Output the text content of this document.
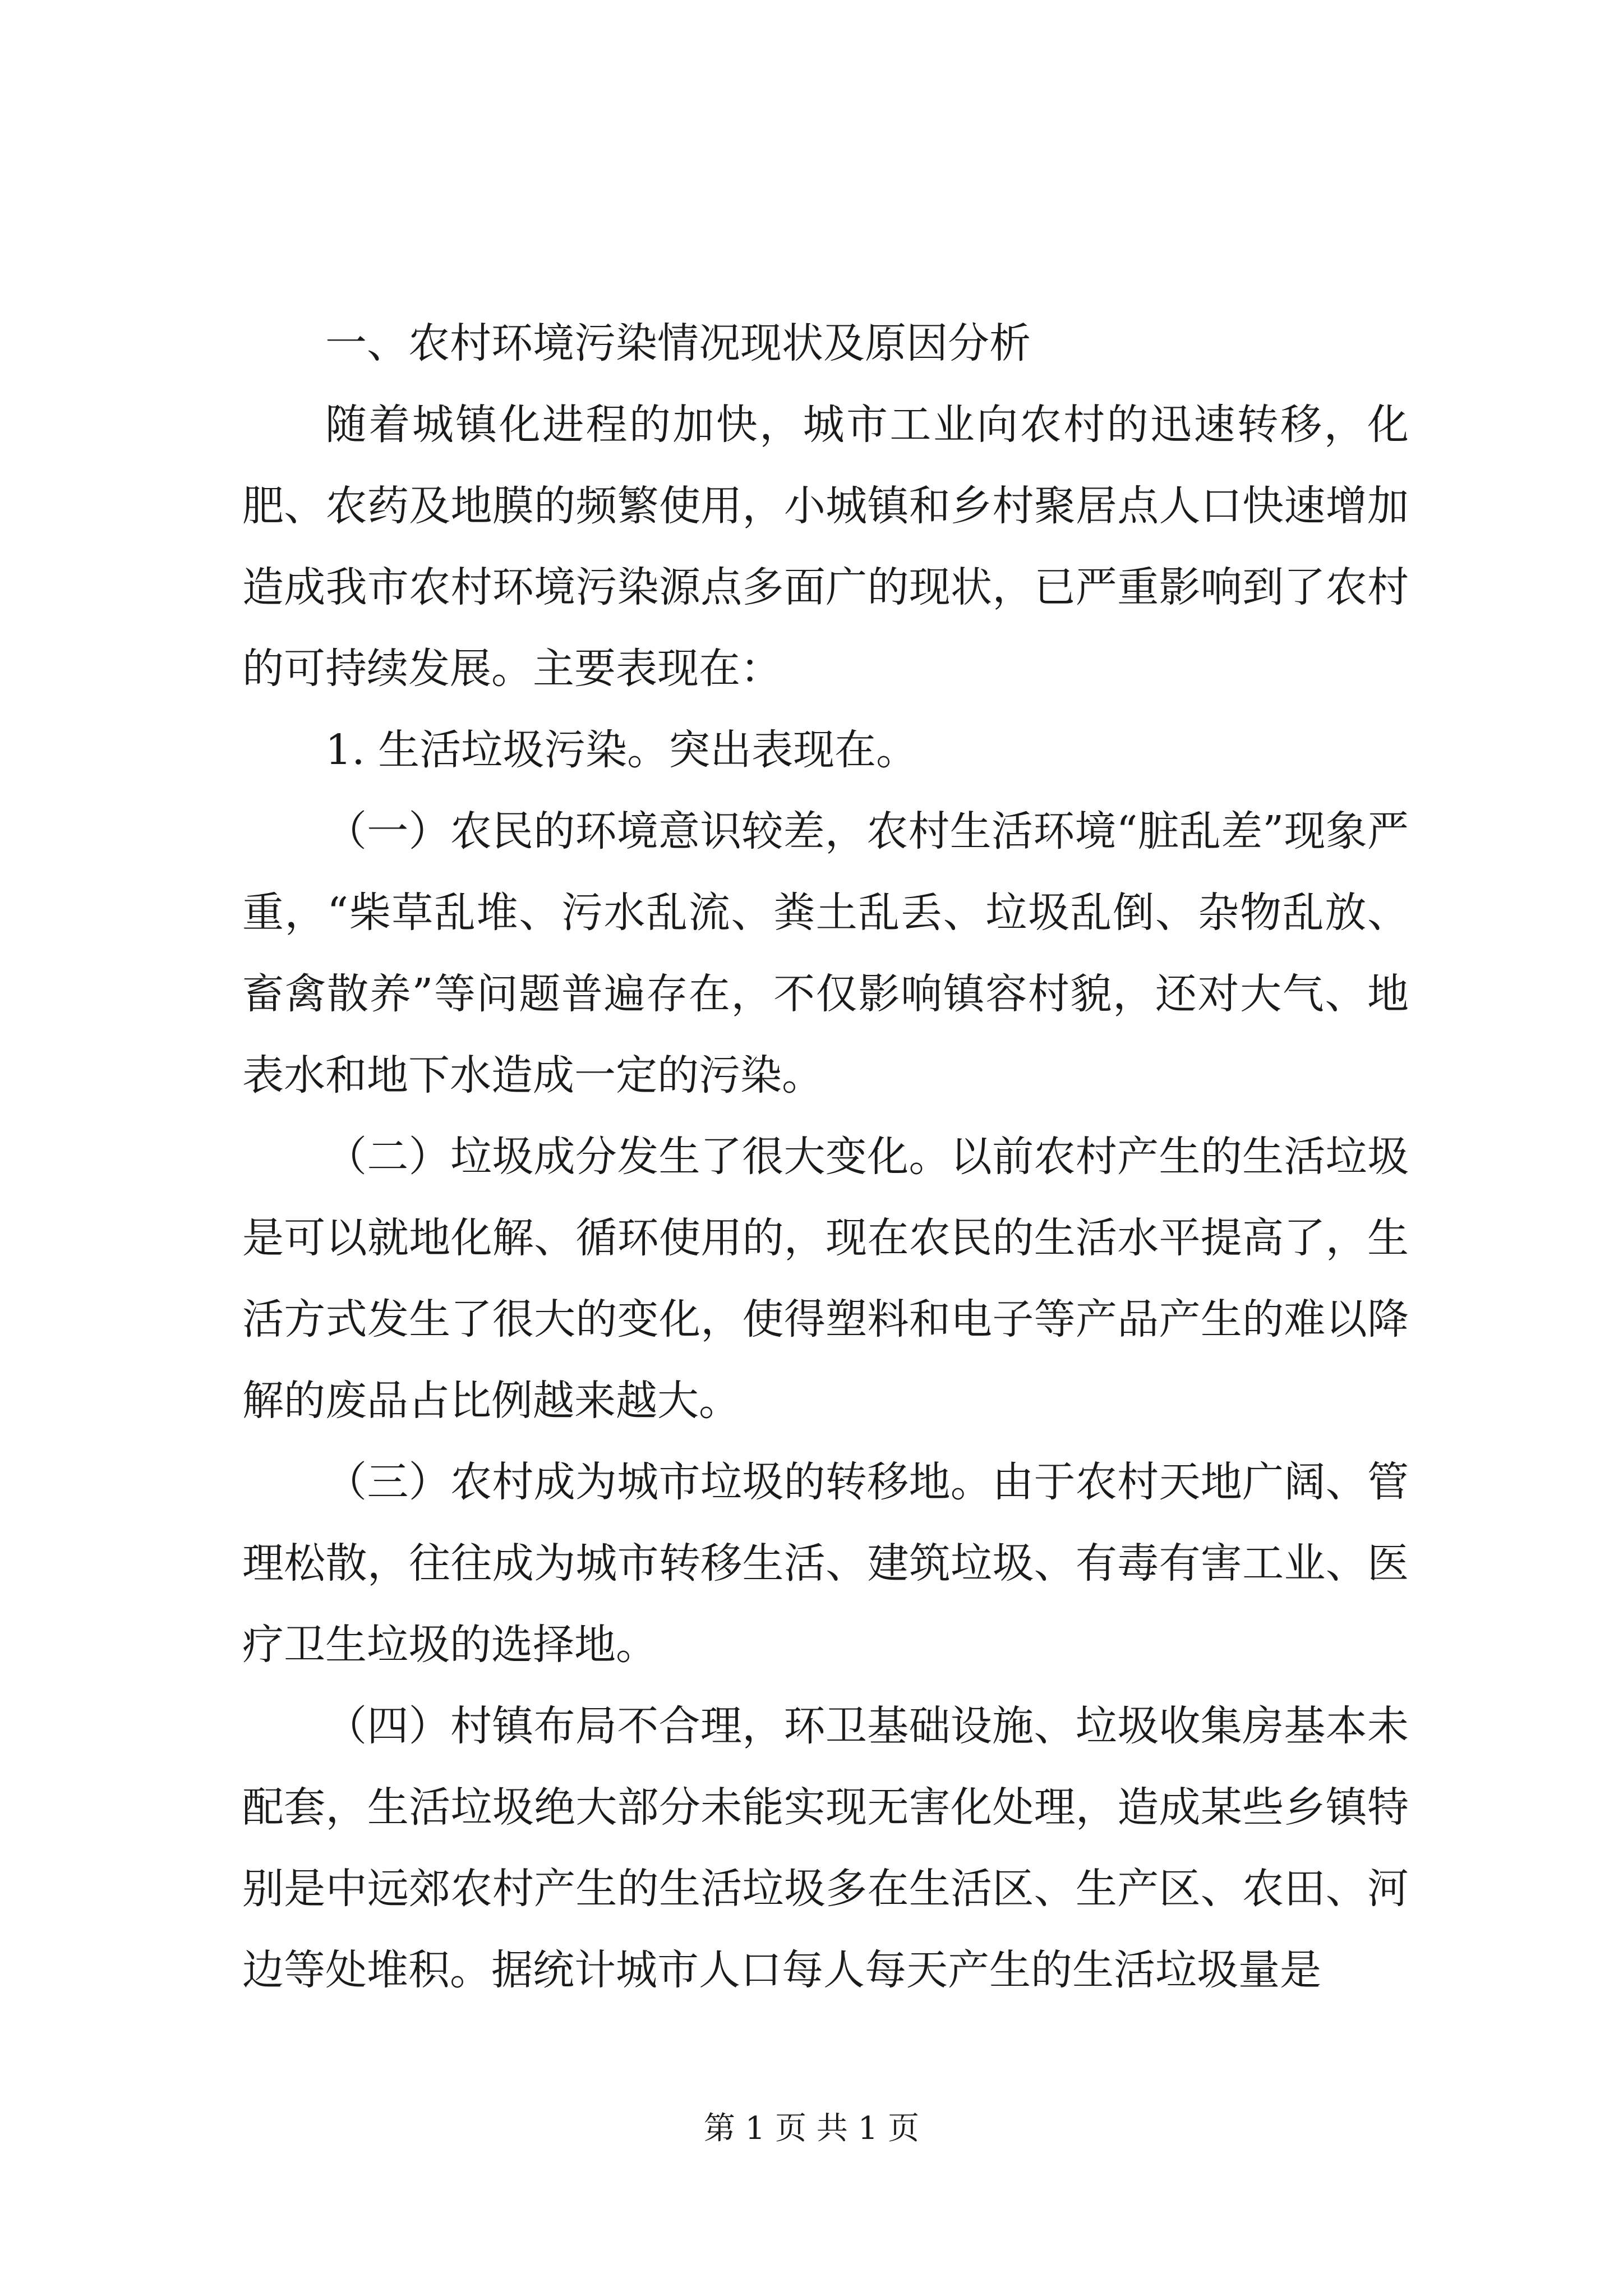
一、农村环境污染情况现状及原因分析

随着城镇化进程的加快，城市工业向农村的迅速转移，化肥、农药及地膜的频繁使用，小城镇和乡村聚居点人口快速增加造成我市农村环境污染源点多面广的现状，已严重影响到了农村的可持续发展。主要表现在：

1. 生活垃圾污染。突出表现在。

（一）农民的环境意识较差，农村生活环境“脏乱差”现象严重，“柴草乱堆、污水乱流、粪土乱丢、垃圾乱倒、杂物乱放、畜禽散养”等问题普遍存在，不仅影响镇容村貌，还对大气、地表水和地下水造成一定的污染。

（二）垃圾成分发生了很大变化。以前农村产生的生活垃圾是可以就地化解、循环使用的，现在农民的生活水平提高了，生活方式发生了很大的变化，使得塑料和电子等产品产生的难以降解的废品占比例越来越大。

（三）农村成为城市垃圾的转移地。由于农村天地广阔、管理松散，往往成为城市转移生活、建筑垃圾、有毒有害工业、医疗卫生垃圾的选择地。

（四）村镇布局不合理，环卫基础设施、垃圾收集房基本未配套，生活垃圾绝大部分未能实现无害化处理，造成某些乡镇特别是中远郊农村产生的生活垃圾多在生活区、生产区、农田、河边等处堆积。据统计城市人口每人每天产生的生活垃圾量是

第 1 页 共 1 页
